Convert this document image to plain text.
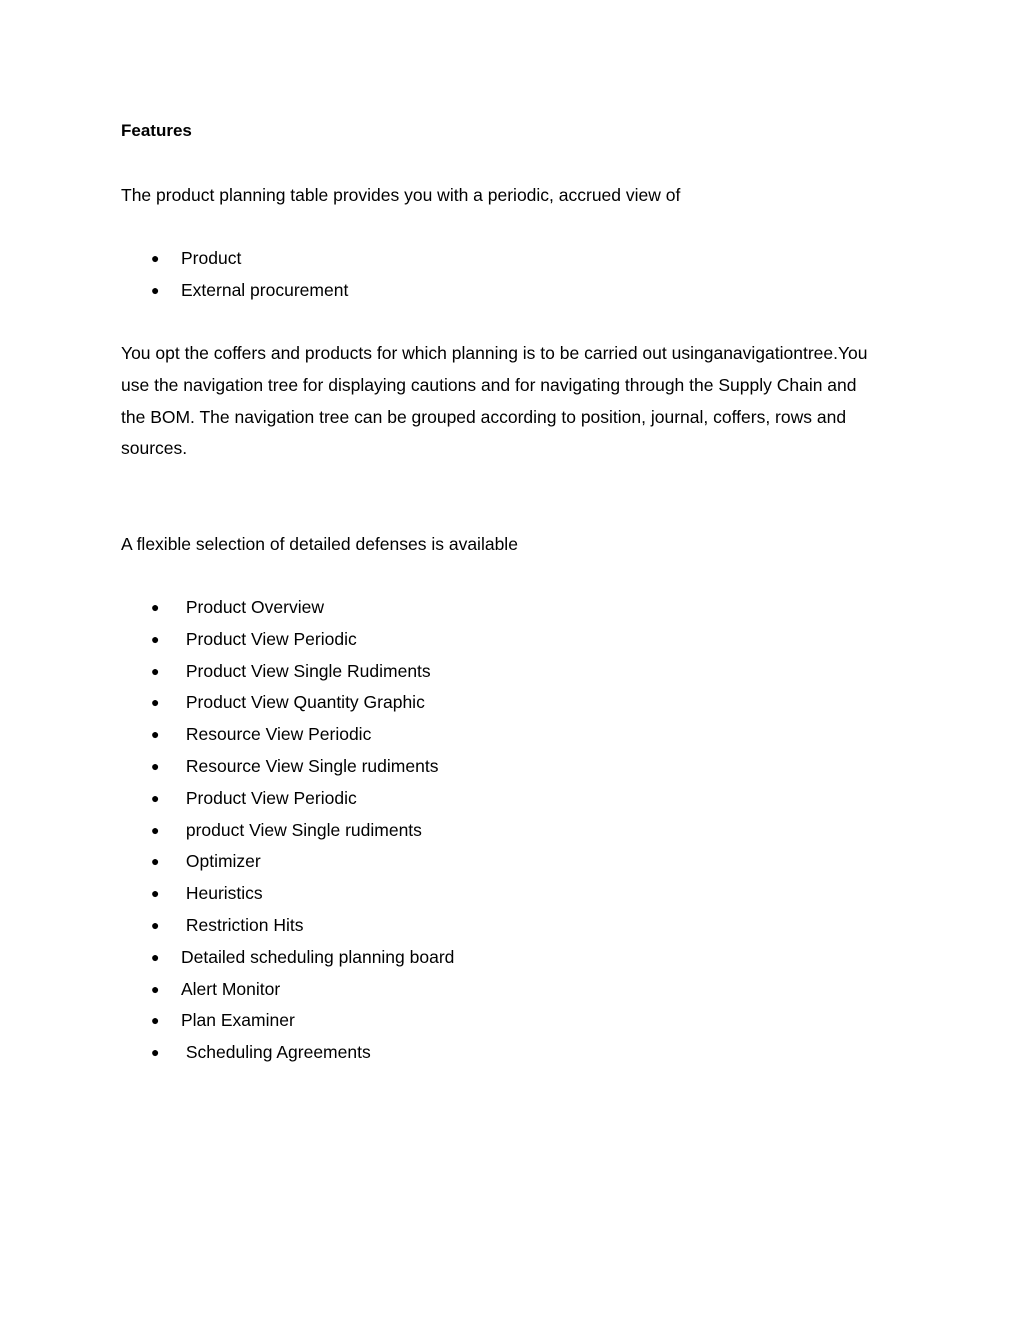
Features

The product planning table provides you with a periodic, accrued view of

● Product
● External procurement

You opt the coffers and products for which planning is to be carried out usinganavigationtree.You use the navigation tree for displaying cautions and for navigating through the Supply Chain and the BOM. The navigation tree can be grouped according to position, journal, coffers, rows and sources.

A flexible selection of detailed defenses is available

● Product Overview
● Product View Periodic
● Product View Single Rudiments
● Product View Quantity Graphic
● Resource View Periodic
● Resource View Single rudiments
● Product View Periodic
● product View Single rudiments
● Optimizer
● Heuristics
● Restriction Hits
● Detailed scheduling planning board
● Alert Monitor
● Plan Examiner
● Scheduling Agreements
